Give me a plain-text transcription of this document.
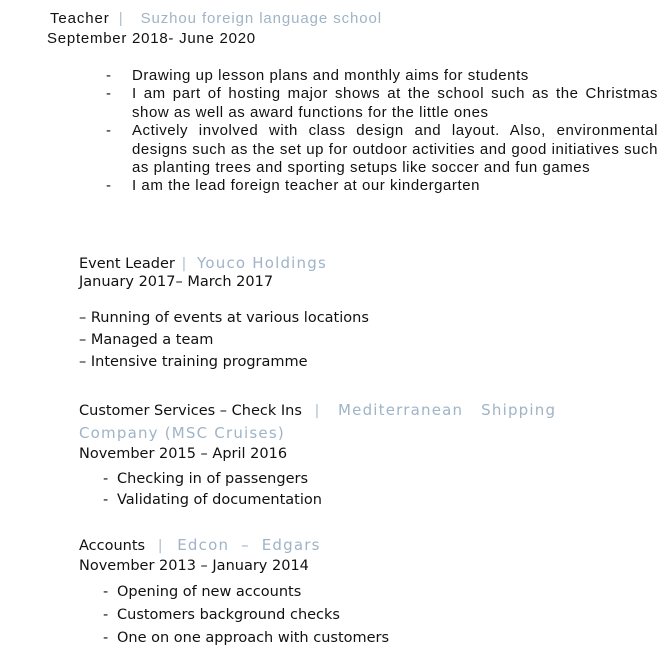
Teacher | Suzhou foreign language school
September 2018- June 2020
- Drawing up lesson plans and monthly aims for students
- I am part of hosting major shows at the school such as the Christmas show as well as award functions for the little ones
- Actively involved with class design and layout. Also, environmental designs such as the set up for outdoor activities and good initiatives such as planting trees and sporting setups like soccer and fun games
- I am the lead foreign teacher at our kindergarten
Event Leader | Youco Holdings
January 2017– March 2017
– Running of events at various locations
– Managed a team
– Intensive training programme
Customer Services – Check Ins | Mediterranean   Shipping
Company (MSC Cruises)
November 2015 – April 2016
- Checking in of passengers
- Validating of documentation
Accounts | Edcon  –  Edgars
November 2013 – January 2014
- Opening of new accounts
- Customers background checks
- One on one approach with customers
